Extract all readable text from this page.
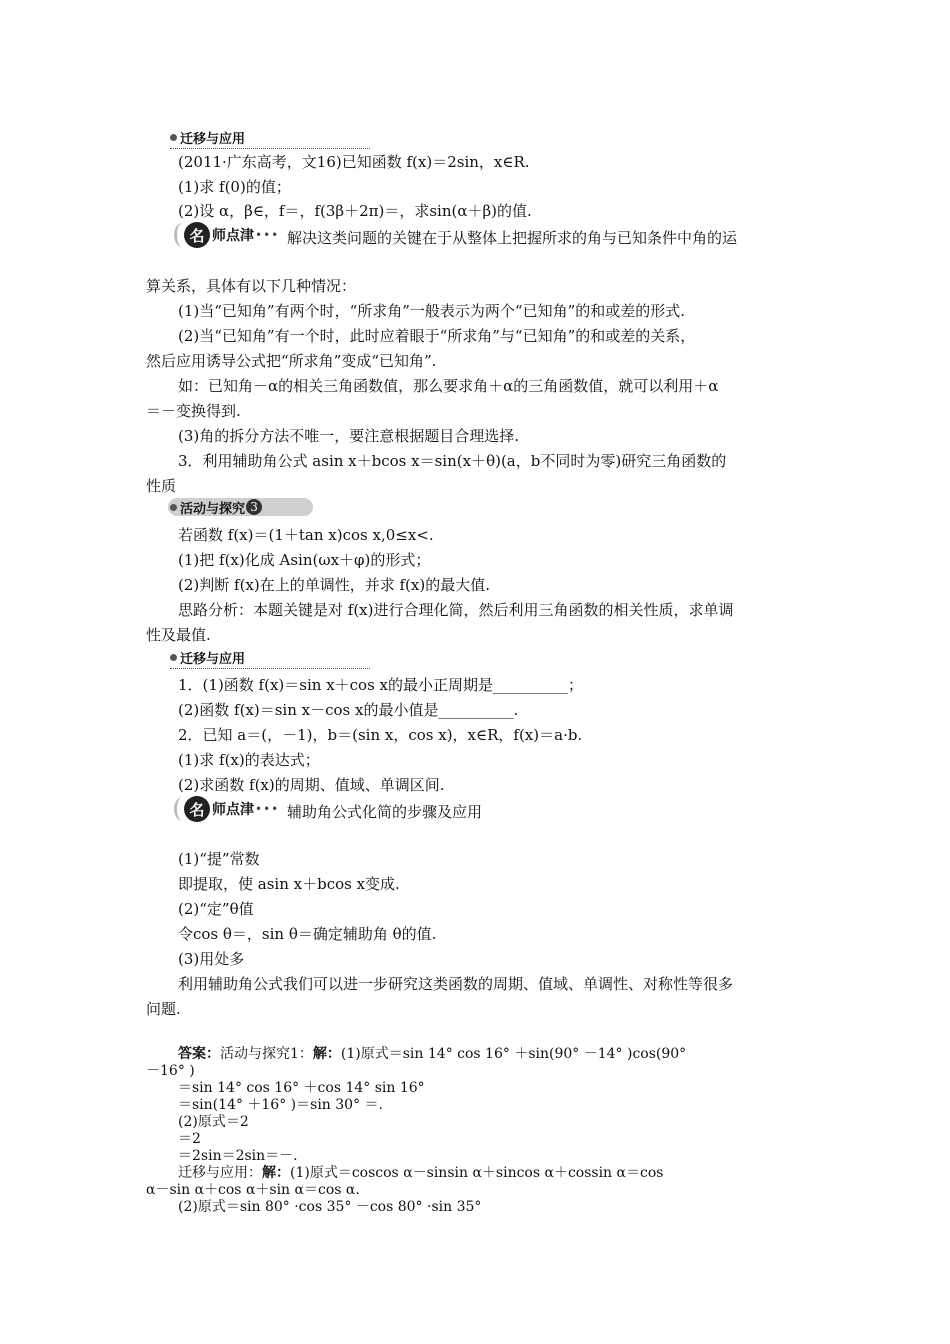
迁移与应用
(2011·广东高考，文16)已知函数 f(x)＝2sin，x∈R.
(1)求 f(0)的值；
(2)设 α，β∈，f＝，f(3β＋2π)＝，求sin(α＋β)的值.
名 师点津 ••• 解决这类问题的关键在于从整体上把握所求的角与已知条件中角的运
算关系，具体有以下几种情况：
(1)当“已知角”有两个时，“所求角”一般表示为两个“已知角”的和或差的形式.
(2)当“已知角”有一个时，此时应着眼于“所求角”与“已知角”的和或差的关系，
然后应用诱导公式把“所求角”变成“已知角”.
如：已知角－α的相关三角函数值，那么要求角＋α的三角函数值，就可以利用＋α
＝－变换得到.
(3)角的拆分方法不唯一，要注意根据题目合理选择.
3．利用辅助角公式 asin x＋bcos x＝sin(x＋θ)(a，b不同时为零)研究三角函数的
性质
活动与探究 3
若函数 f(x)＝(1＋tan x)cos x,0≤x<.
(1)把 f(x)化成 Asin(ωx＋φ)的形式；
(2)判断 f(x)在上的单调性，并求 f(x)的最大值.
思路分析：本题关键是对 f(x)进行合理化简，然后利用三角函数的相关性质，求单调
性及最值.
迁移与应用
1．(1)函数 f(x)＝sin x＋cos x的最小正周期是__________；
(2)函数 f(x)＝sin x－cos x的最小值是__________.
2．已知 a＝(，－1)，b＝(sin x，cos x)，x∈R，f(x)＝a·b.
(1)求 f(x)的表达式；
(2)求函数 f(x)的周期、值域、单调区间.
名 师点津 ••• 辅助角公式化简的步骤及应用
(1)“提”常数
即提取，使 asin x＋bcos x变成.
(2)“定”θ值
令cos θ＝，sin θ＝确定辅助角 θ的值.
(3)用处多
利用辅助角公式我们可以进一步研究这类函数的周期、值域、单调性、对称性等很多
问题.
答案：活动与探究1：解：(1)原式＝sin 14° cos 16° ＋sin(90° －14° )cos(90°
－16° )
＝sin 14° cos 16° ＋cos 14° sin 16°
＝sin(14° ＋16° )＝sin 30° ＝.
(2)原式＝2
＝2
＝2sin＝2sin＝－.
迁移与应用：解：(1)原式＝coscos α－sinsin α＋sincos α＋cossin α＝cos
α－sin α＋cos α＋sin α＝cos α.
(2)原式＝sin 80° ·cos 35° －cos 80° ·sin 35°
